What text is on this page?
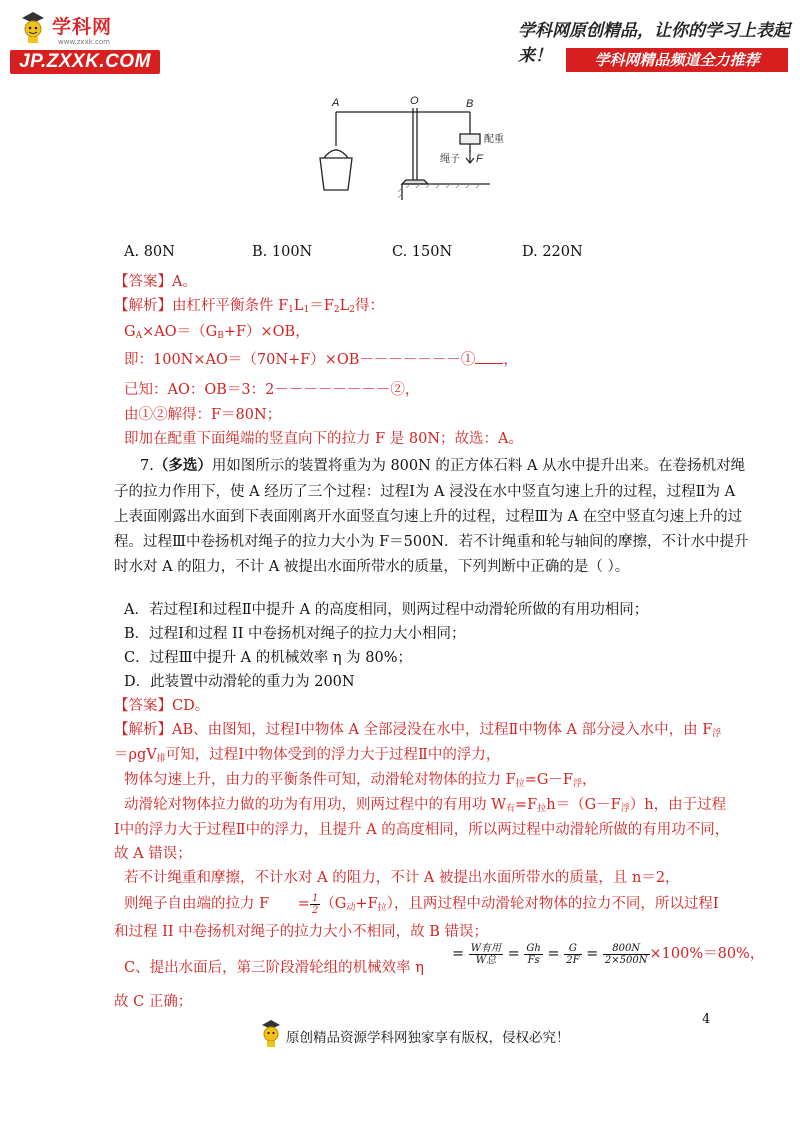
学科网
www.zxxk.com
JP.ZXXK.COM
学科网原创精品，让你的学习上表起来！	学科网精品频道全力推荐
A	O	B
F
配重
绳子
A. 80N	B. 100N	C. 150N	D. 220N
【答案】A。
【解析】由杠杆平衡条件 $F_1L_1=F_2L_2$得：
$G_A\times AO=(G_B+F)\times OB$，
即：100N×AO＝（70N+F）×OB－－－－－－－① ，
已知：AO：OB＝3：2－－－－－－－－②，
由①②解得：F＝80N；
即加在配重下面绳端的竖直向下的拉力 F 是 80N；故选：A。
7.（多选）用如图所示的装置将重为为 800N 的正方体石料 A 从水中提升出来。在卷扬机对绳
子的拉力作用下，使 A 经历了三个过程：过程Ⅰ为 A 浸没在水中竖直匀速上升的过程，过程Ⅱ为 A
上表面刚露出水面到下表面刚离开水面竖直匀速上升的过程，过程Ⅲ为 A 在空中竖直匀速上升的过
程。过程Ⅲ中卷扬机对绳子的拉力大小为 F＝500N．若不计绳重和轮与轴间的摩擦，不计水中提升
时水对 A 的阻力，不计 A 被提出水面所带水的质量，下列判断中正确的是（ ）。
A．若过程Ⅰ和过程Ⅱ中提升 A 的高度相同，则两过程中动滑轮所做的有用功相同；
B．过程Ⅰ和过程 II 中卷扬机对绳子的拉力大小相同；
C．过程Ⅲ中提升 A 的机械效率 η 为 80%；
D．此装置中动滑轮的重力为 200N
【答案】CD。
【解析】AB、由图知，过程Ⅰ中物体 A 全部浸没在水中，过程Ⅱ中物体 A 部分浸入水中，由 $F_浮$
＝ρgV$_排$可知，过程Ⅰ中物体受到的浮力大于过程Ⅱ中的浮力，
物体匀速上升，由力的平衡条件可知，动滑轮对物体的拉力 $F_拉=G-F_浮$，
动滑轮对物体拉力做的功为有用功，则两过程中的有用功 $W_有=F_拉h=(G-F_浮)h$，由于过程
Ⅰ中的浮力大于过程Ⅱ中的浮力，且提升 A 的高度相同，所以两过程中动滑轮所做的有用功不同，
故 A 错误；
若不计绳重和摩擦，不计水对 A 的阻力，不计 A 被提出水面所带水的质量，且 n＝2，
则绳子自由端的拉力 $F = \frac{1}{2} (G_动+F_拉)$，且两过程中动滑轮对物体的拉力不同，所以过程Ⅰ
和过程 II 中卷扬机对绳子的拉力大小不相同，故 B 错误；
C、提出水面后，第三阶段滑轮组的机械效率 η
= $\frac{\text{W有用}}{\text{W总}} = \frac{Gh}{Fs} = \frac{G}{2F} = \frac{800N}{2\times 500N} \times 100\%=80\%$，
故 C 正确；
4
原创精品资源学科网独家享有版权，侵权必究！
